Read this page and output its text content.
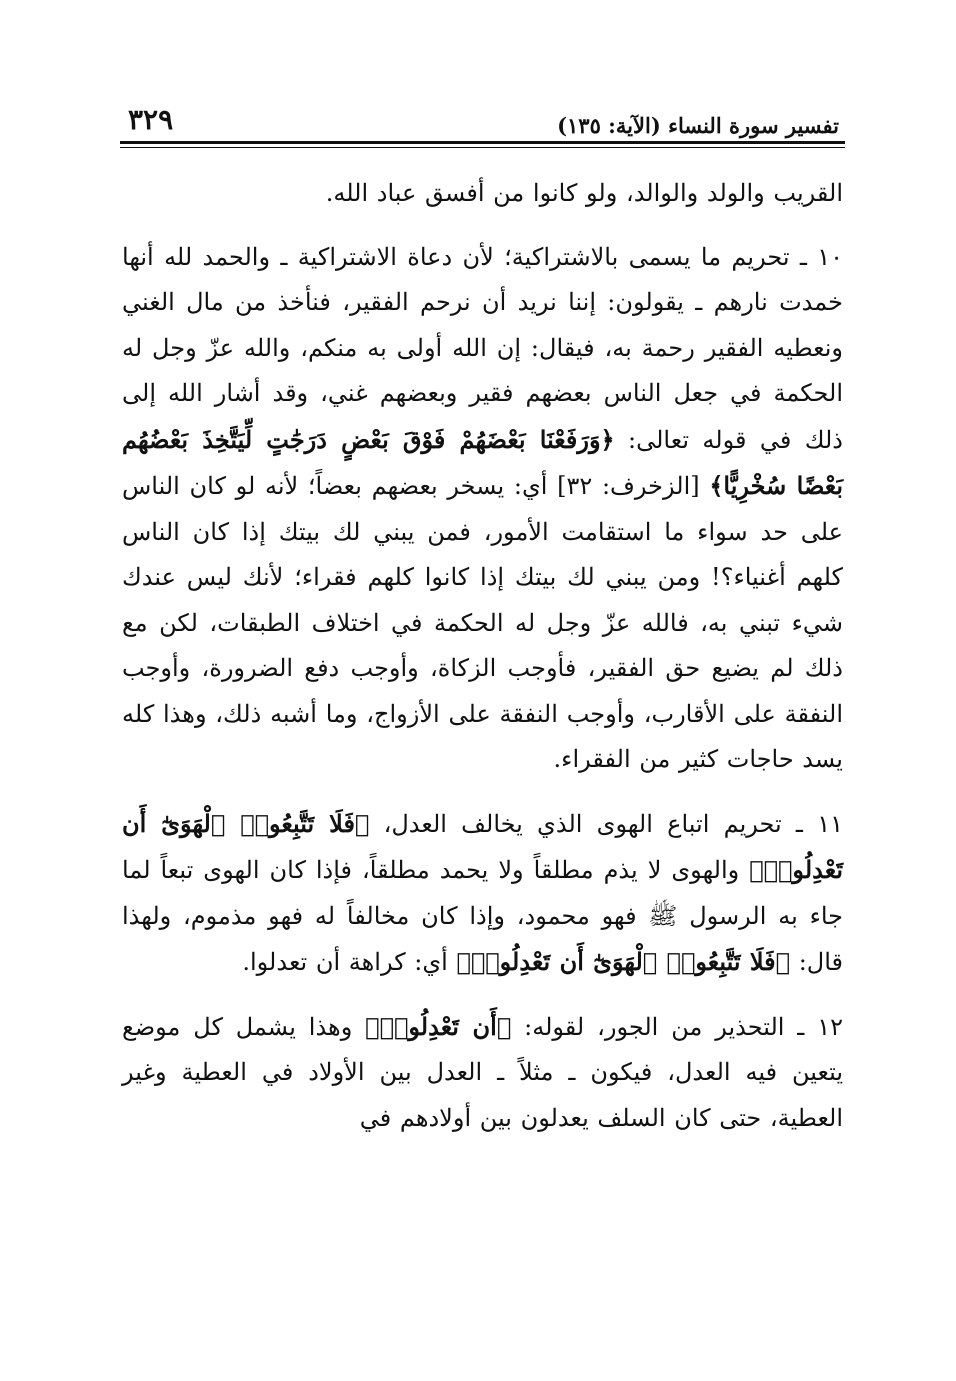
تفسير سورة النساء (الآية: ١٣٥)
٣٢٩

القريب والولد والوالد، ولو كانوا من أفسق عباد الله.

١٠ ـ تحريم ما يسمى بالاشتراكية؛ لأن دعاة الاشتراكية ـ والحمد لله أنها خمدت نارهم ـ يقولون: إننا نريد أن نرحم الفقير، فنأخذ من مال الغني ونعطيه الفقير رحمة به، فيقال: إن الله أولى به منكم، والله عزّ وجل له الحكمة في جعل الناس بعضهم فقير وبعضهم غني، وقد أشار الله إلى ذلك في قوله تعالى: ﴿وَرَفَعْنَا بَعْضَهُمْ فَوْقَ بَعْضٍ دَرَجَٰتٍ لِّيَتَّخِذَ بَعْضُهُم بَعْضًا سُخْرِيًّا﴾ [الزخرف: ٣٢] أي: يسخر بعضهم بعضاً؛ لأنه لو كان الناس على حد سواء ما استقامت الأمور، فمن يبني لك بيتك إذا كان الناس كلهم أغنياء؟! ومن يبني لك بيتك إذا كانوا كلهم فقراء؛ لأنك ليس عندك شيء تبني به، فالله عزّ وجل له الحكمة في اختلاف الطبقات، لكن مع ذلك لم يضيع حق الفقير، فأوجب الزكاة، وأوجب دفع الضرورة، وأوجب النفقة على الأقارب، وأوجب النفقة على الأزواج، وما أشبه ذلك، وهذا كله يسد حاجات كثير من الفقراء.

١١ ـ تحريم اتباع الهوى الذي يخالف العدل، ﴿فَلَا تَتَّبِعُوا۟ ٱلْهَوَىٰٓ أَن تَعْدِلُوا۟﴾ والهوى لا يذم مطلقاً ولا يحمد مطلقاً، فإذا كان الهوى تبعاً لما جاء به الرسول ﷺ فهو محمود، وإذا كان مخالفاً له فهو مذموم، ولهذا قال: ﴿فَلَا تَتَّبِعُوا۟ ٱلْهَوَىٰٓ أَن تَعْدِلُوا۟﴾ أي: كراهة أن تعدلوا.

١٢ ـ التحذير من الجور، لقوله: ﴿أَن تَعْدِلُوا۟﴾ وهذا يشمل كل موضع يتعين فيه العدل، فيكون ـ مثلاً ـ العدل بين الأولاد في العطية وغير العطية، حتى كان السلف يعدلون بين أولادهم في
